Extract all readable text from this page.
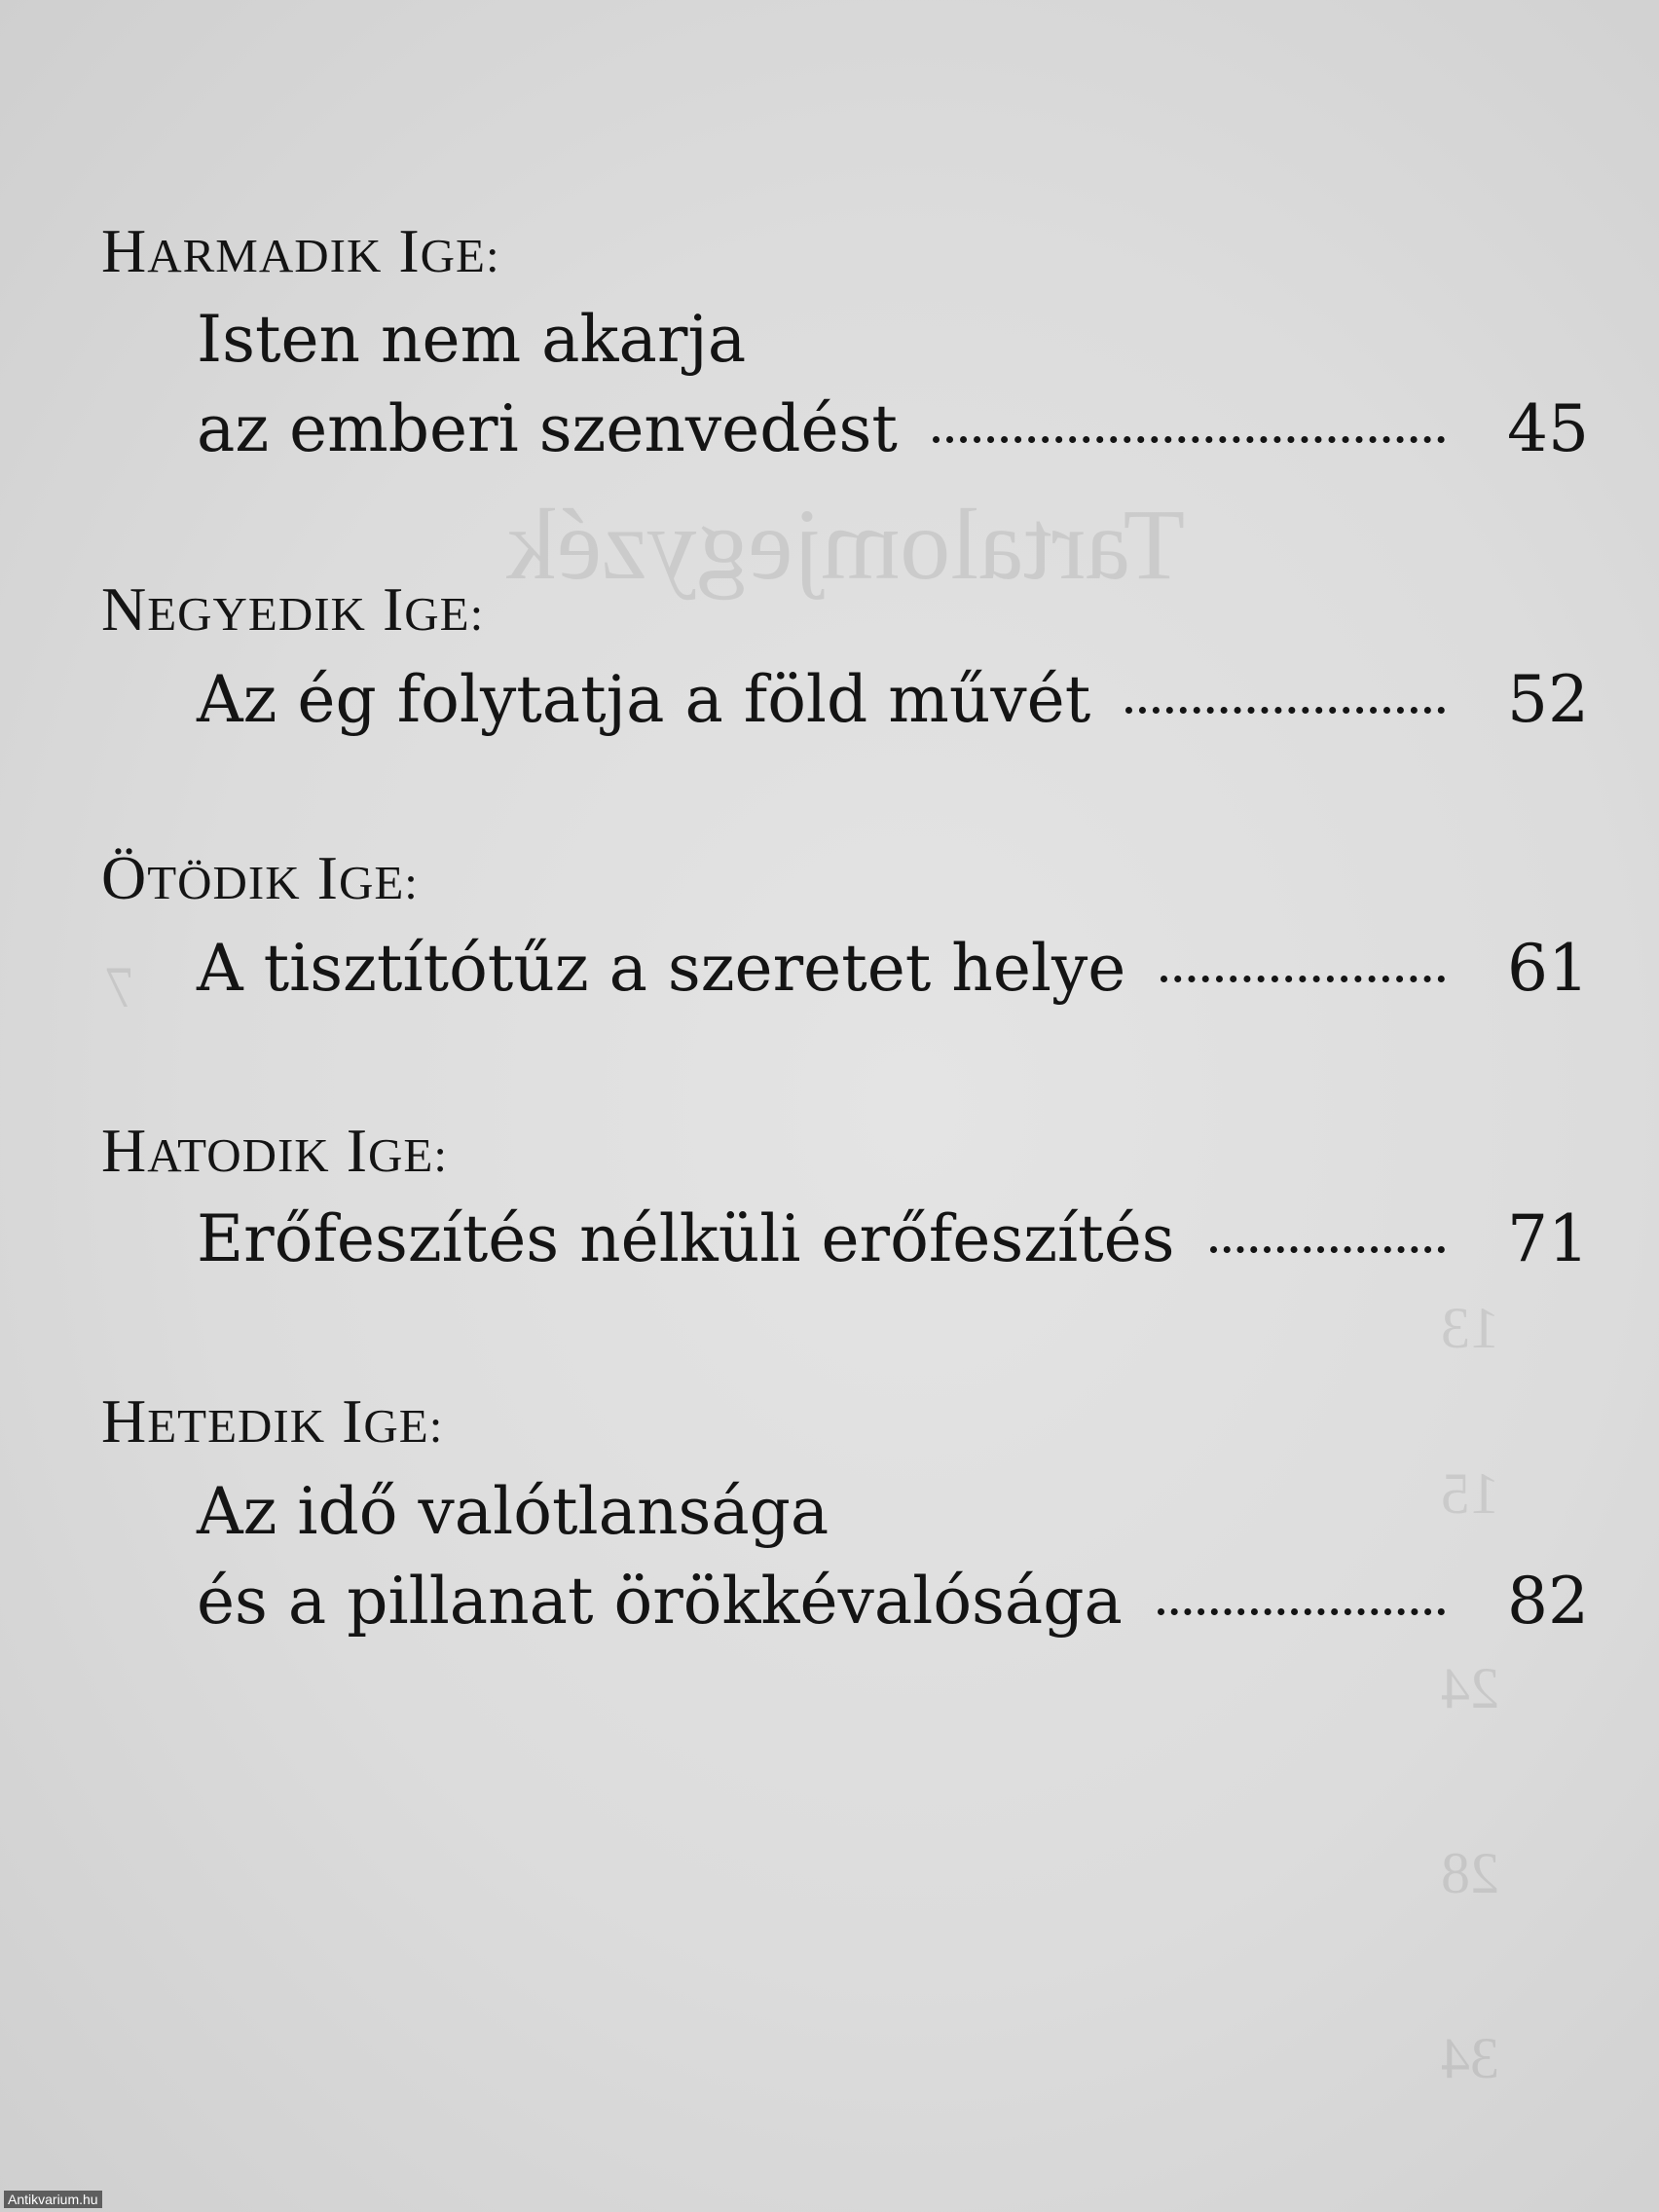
Tartalomjegyzék
7
13
15
24
28
34
HARMADIK IGE:
Isten nem akarja
az emberi szenvedést	45
NEGYEDIK IGE:
Az ég folytatja a föld művét	52
ÖTÖDIK IGE:
A tisztítótűz a szeretet helye	61
HATODIK IGE:
Erőfeszítés nélküli erőfeszítés	71
HETEDIK IGE:
Az idő valótlansága
és a pillanat örökkévalósága	82
Antikvarium.hu
